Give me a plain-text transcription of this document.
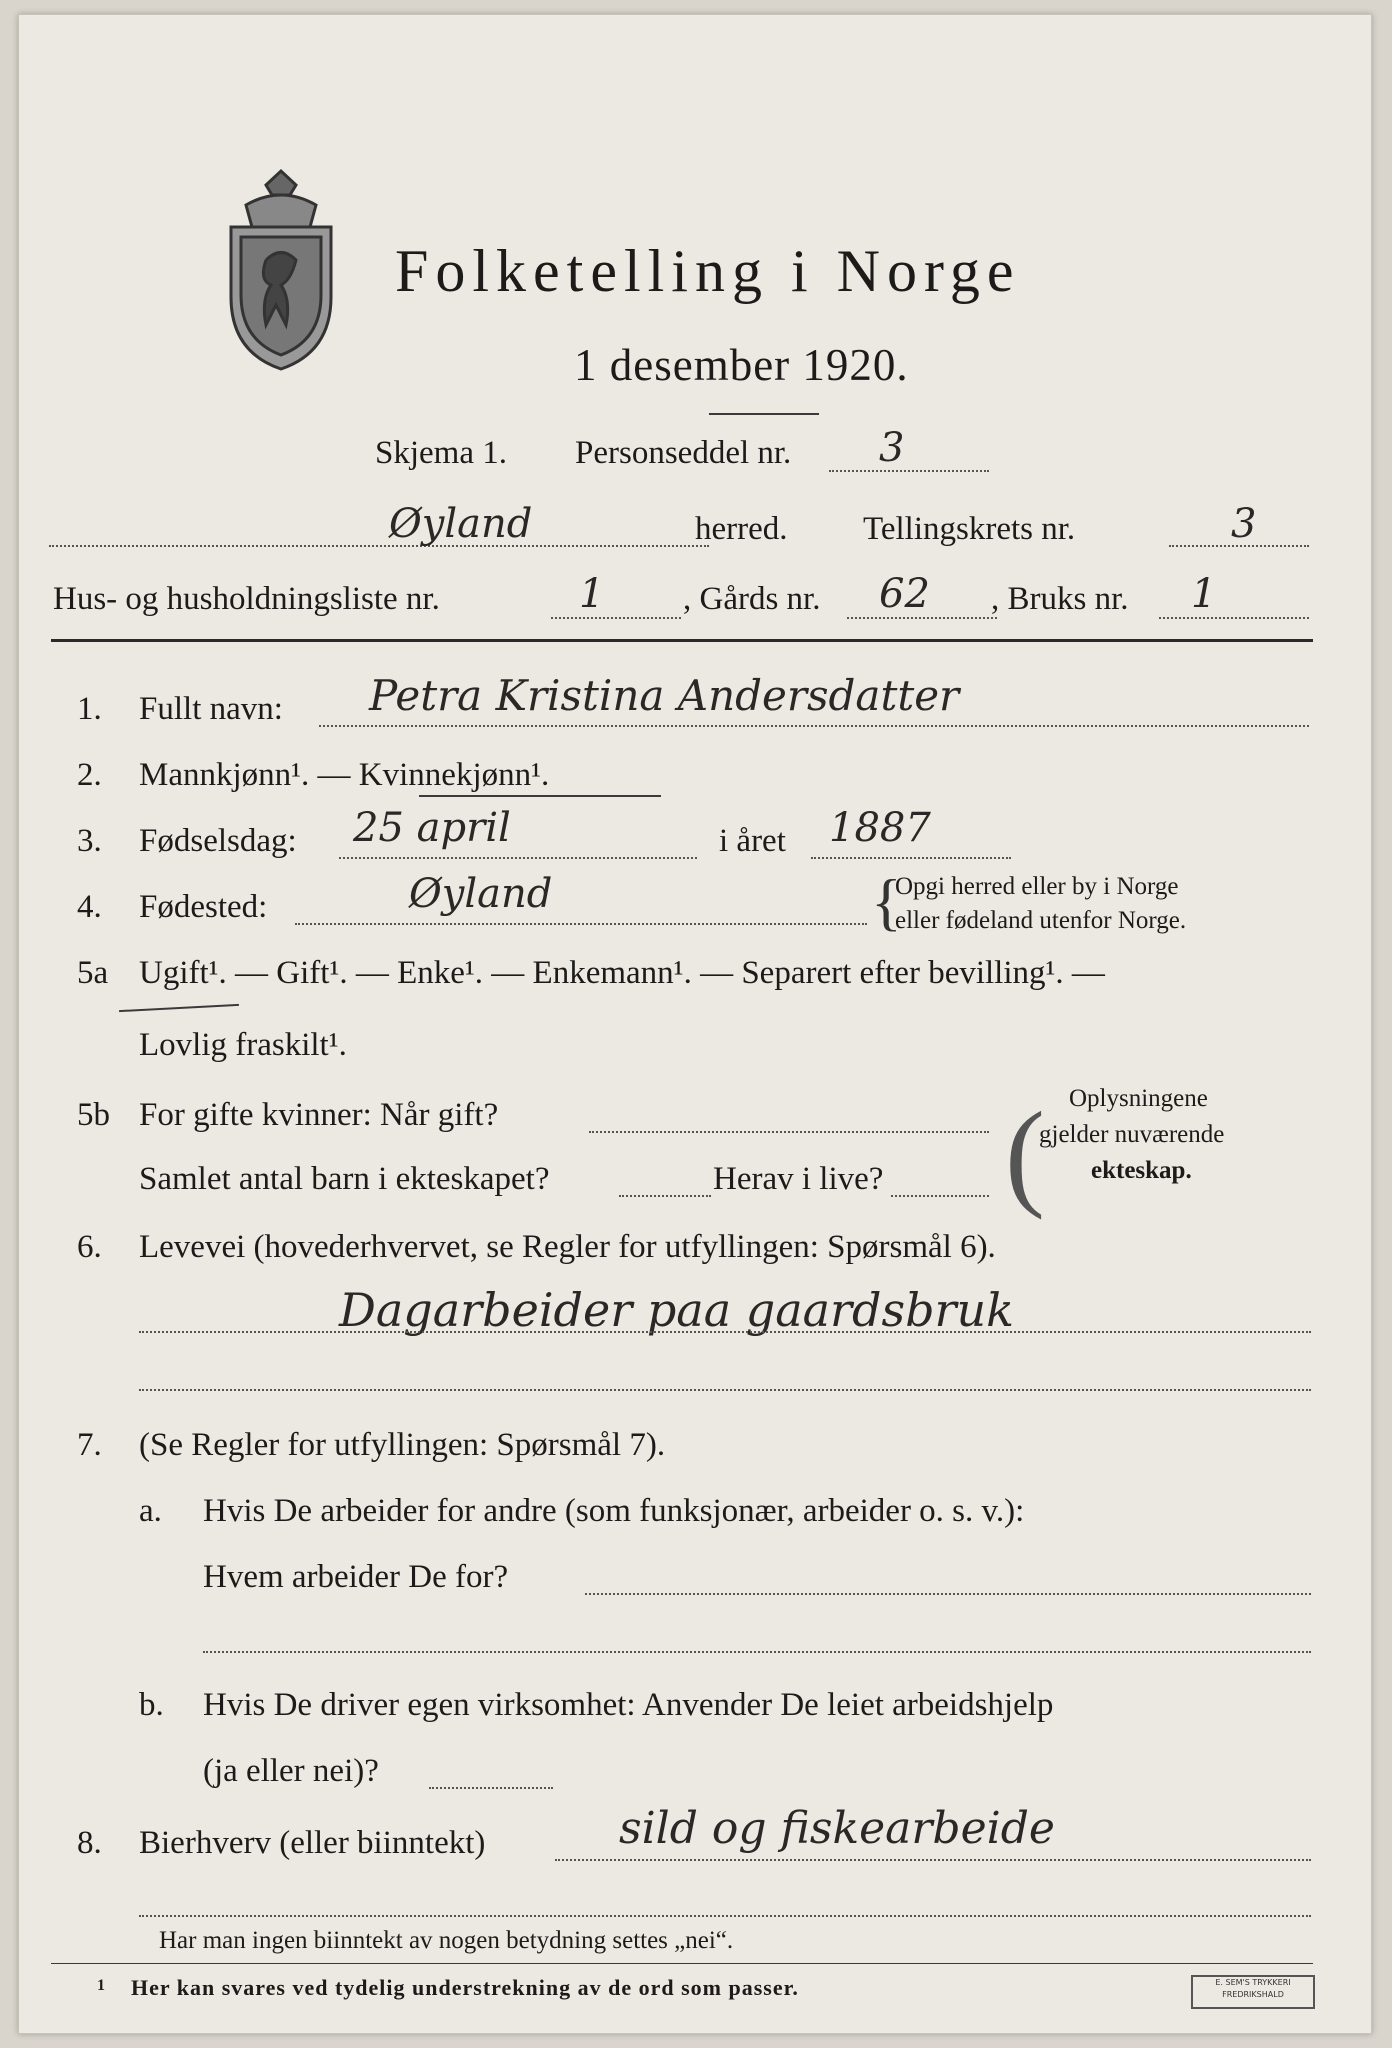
Folketelling i Norge
1 desember 1920.
Skjema 1. Personseddel nr. 3
Øyland	herred. Tellingskrets nr.	3
Hus- og husholdningsliste nr.	1 , Gårds nr. 62 , Bruks nr. 1
1. Fullt navn: Petra Kristina Andersdatter
2. Mannkjønn¹. — Kvinnekjønn¹.
3. Fødselsdag: 25 april	i året 1887
4. Fødested:	Øyland	{
Opgi herred eller by i Norge
eller fødeland utenfor Norge.
5a Ugift¹. — Gift¹. — Enke¹. — Enkemann¹. — Separert efter bevilling¹. —
Lovlig fraskilt¹.
5b For gifte kvinner: Når gift?
Samlet antal barn i ekteskapet?	Herav i live? ( Oplysningene
gjelder nuværende
ekteskap.
6. Levevei (hovederhvervet, se Regler for utfyllingen: Spørsmål 6).
Dagarbeider paa gaardsbruk
7. (Se Regler for utfyllingen: Spørsmål 7).
a. Hvis De arbeider for andre (som funksjonær, arbeider o. s. v.):
Hvem arbeider De for?
b. Hvis De driver egen virksomhet: Anvender De leiet arbeidshjelp
(ja eller nei)?
8. Bierhverv (eller biinntekt)	sild og fiskearbeide
Har man ingen biinntekt av nogen betydning settes „nei“.
1 Her kan svares ved tydelig understrekning av de ord som passer.	E. SEM'S TRYKKERI
FREDRIKSHALD
